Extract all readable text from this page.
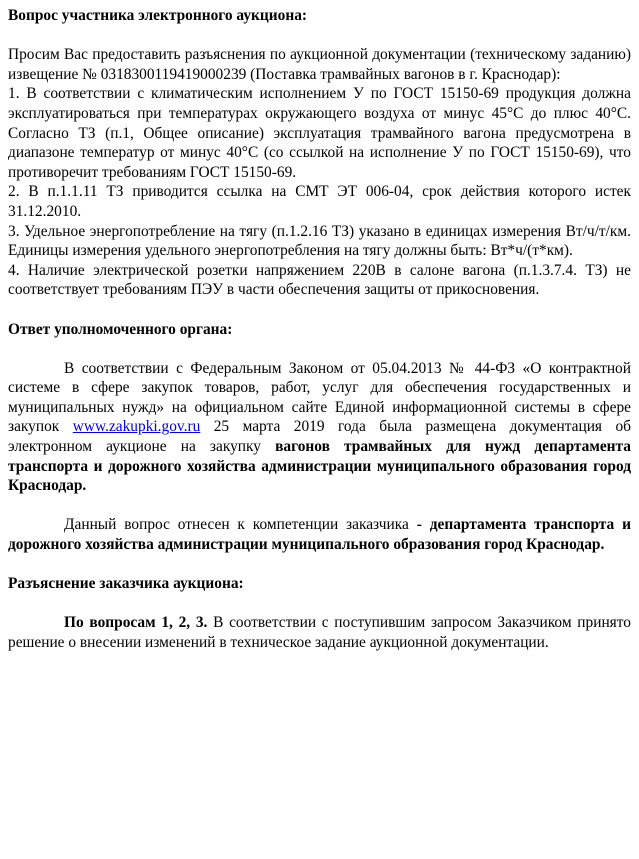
Вопрос участника электронного аукциона:

Просим Вас предоставить разъяснения по аукционной документации (техническому заданию) извещение № 0318300119419000239 (Поставка трамвайных вагонов в г. Краснодар):

1. В соответствии с климатическим исполнением У по ГОСТ 15150-69 продукция должна эксплуатироваться при температурах окружающего воздуха от минус 45°С до плюс 40°С. Согласно ТЗ (п.1, Общее описание) эксплуатация трамвайного вагона предусмотрена в диапазоне температур от минус 40°С (со ссылкой на исполнение У по ГОСТ 15150-69), что противоречит требованиям ГОСТ 15150-69.

2. В п.1.1.11 ТЗ приводится ссылка на СМТ ЭТ 006-04, срок действия которого истек 31.12.2010.

3. Удельное энергопотребление на тягу (п.1.2.16 ТЗ) указано в единицах измерения Вт/ч/т/км. Единицы измерения удельного энергопотребления на тягу должны быть: Вт*ч/(т*км).

4. Наличие электрической розетки напряжением 220В в салоне вагона (п.1.3.7.4. ТЗ) не соответствует требованиям ПЭУ в части обеспечения защиты от прикосновения.

Ответ уполномоченного органа:

В соответствии с Федеральным Законом от 05.04.2013 № 44-ФЗ «О контрактной системе в сфере закупок товаров, работ, услуг для обеспечения государственных и муниципальных нужд» на официальном сайте Единой информационной системы в сфере закупок www.zakupki.gov.ru 25 марта 2019 года была размещена документация об электронном аукционе на закупку вагонов трамвайных для нужд департамента транспорта и дорожного хозяйства администрации муниципального образования город Краснодар.

Данный вопрос отнесен к компетенции заказчика - департамента транспорта и дорожного хозяйства администрации муниципального образования город Краснодар.

Разъяснение заказчика аукциона:

По вопросам 1, 2, 3. В соответствии с поступившим запросом Заказчиком принято решение о внесении изменений в техническое задание аукционной документации.
